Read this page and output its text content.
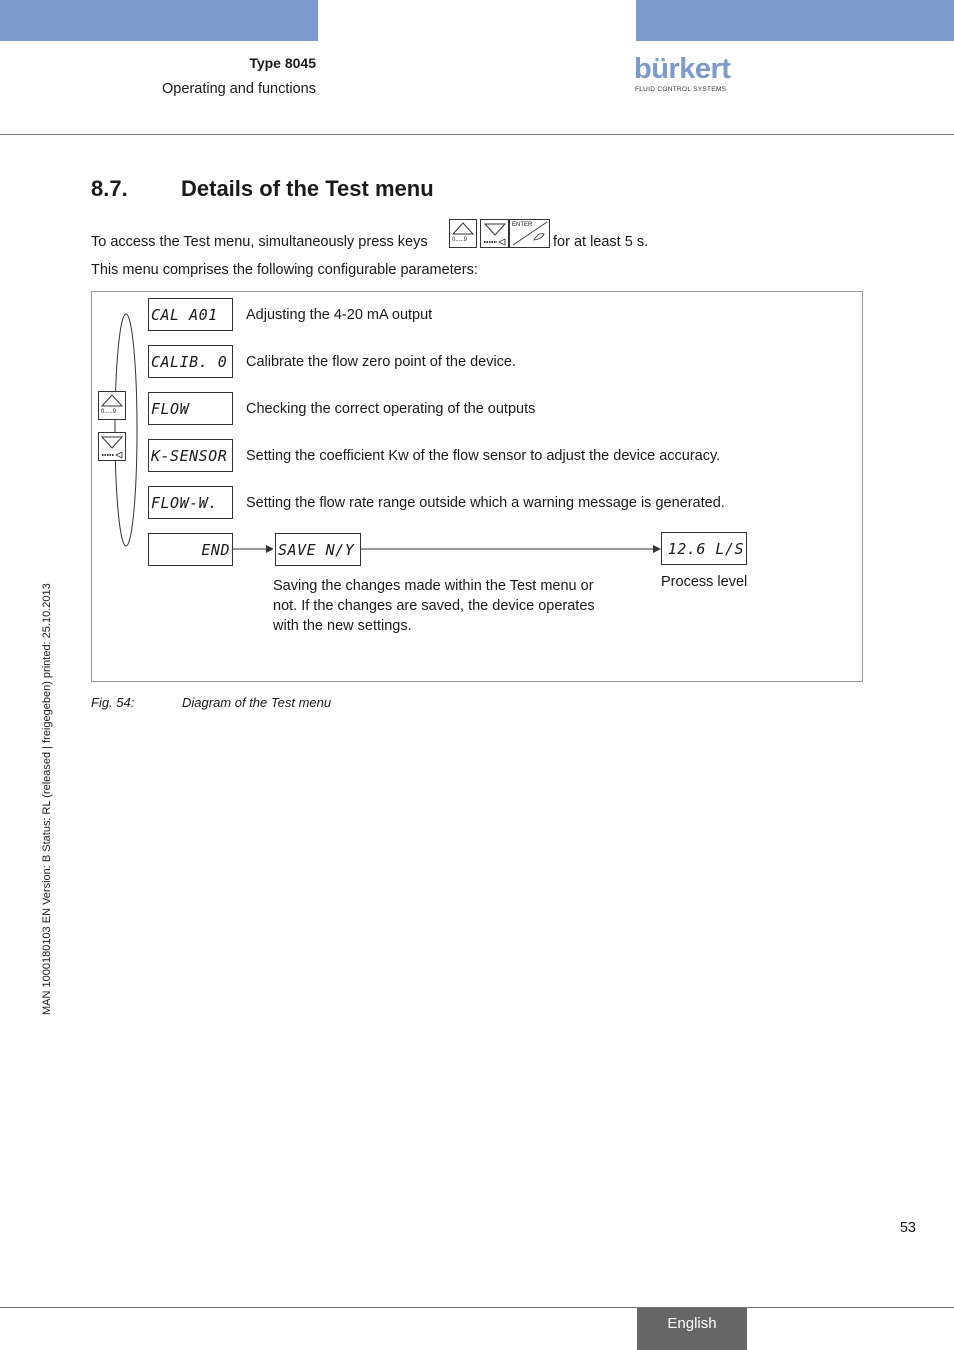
Type 8045
Operating and functions
bürkert
FLUID CONTROL SYSTEMS
8.7. Details of the Test menu
To access the Test menu, simultaneously press keys	0.....9
ENTER
for at least 5 s.
This menu comprises the following configurable parameters:
0.....9
CAL A01	Adjusting the 4-20 mA output
CALIB. 0	Calibrate the flow zero point of the device.
FLOW	Checking the correct operating of the outputs
K-SENSOR	Setting the coefficient Kw of the flow sensor to adjust the device accuracy.
FLOW-W.	Setting the flow rate range outside which a warning message is generated.
END	SAVE N/Y	12.6 L/S
Process level
Saving the changes made within the Test menu or
not. If the changes are saved, the device operates
with the new settings.
Fig. 54:	Diagram of the Test menu
MAN 1000180103 EN Version: B Status: RL (released | freigegeben) printed: 25.10.2013
53
English
